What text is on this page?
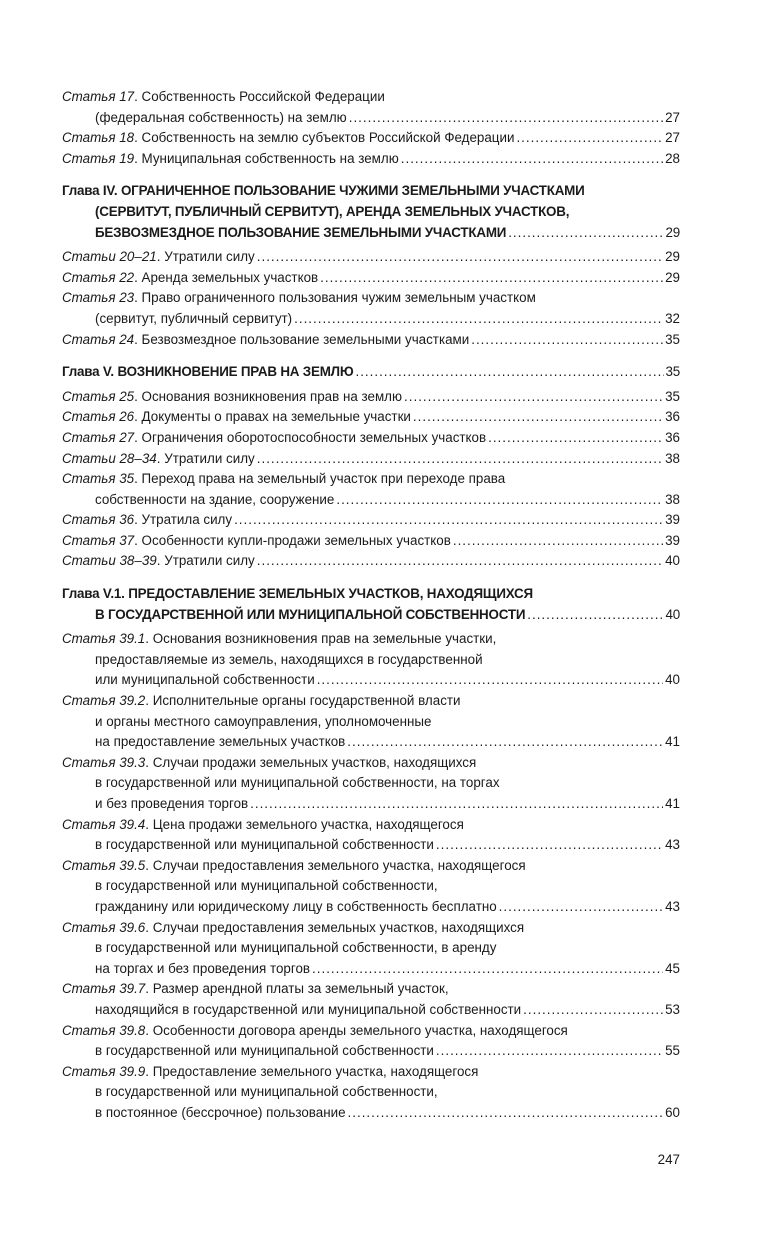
Статья 17. Собственность Российской Федерации
(федеральная собственность) на землю .....	27
Статья 18. Собственность на землю субъектов Российской Федерации .....	27
Статья 19. Муниципальная собственность на землю .....	28
Глава IV. ОГРАНИЧЕННОЕ ПОЛЬЗОВАНИЕ ЧУЖИМИ ЗЕМЕЛЬНЫМИ УЧАСТКАМИ
(СЕРВИТУТ, ПУБЛИЧНЫЙ СЕРВИТУТ), АРЕНДА ЗЕМЕЛЬНЫХ УЧАСТКОВ,
БЕЗВОЗМЕЗДНОЕ ПОЛЬЗОВАНИЕ ЗЕМЕЛЬНЫМИ УЧАСТКАМИ .....	29
Статьи 20–21. Утратили силу .....	29
Статья 22. Аренда земельных участков .....	29
Статья 23. Право ограниченного пользования чужим земельным участком
(сервитут, публичный сервитут) .....	32
Статья 24. Безвозмездное пользование земельными участками .....	35
Глава V. ВОЗНИКНОВЕНИЕ ПРАВ НА ЗЕМЛЮ .....	35
Статья 25. Основания возникновения прав на землю .....	35
Статья 26. Документы о правах на земельные участки .....	36
Статья 27. Ограничения оборотоспособности земельных участков .....	36
Статьи 28–34. Утратили силу .....	38
Статья 35. Переход права на земельный участок при переходе права
собственности на здание, сооружение .....	38
Статья 36. Утратила силу .....	39
Статья 37. Особенности купли-продажи земельных участков .....	39
Статьи 38–39. Утратили силу .....	40
Глава V.1. ПРЕДОСТАВЛЕНИЕ ЗЕМЕЛЬНЫХ УЧАСТКОВ, НАХОДЯЩИХСЯ
В ГОСУДАРСТВЕННОЙ ИЛИ МУНИЦИПАЛЬНОЙ СОБСТВЕННОСТИ .....	40
Статья 39.1. Основания возникновения прав на земельные участки,
предоставляемые из земель, находящихся в государственной
или муниципальной собственности .....	40
Статья 39.2. Исполнительные органы государственной власти
и органы местного самоуправления, уполномоченные
на предоставление земельных участков .....	41
Статья 39.3. Случаи продажи земельных участков, находящихся
в государственной или муниципальной собственности, на торгах
и без проведения торгов .....	41
Статья 39.4. Цена продажи земельного участка, находящегося
в государственной или муниципальной собственности .....	43
Статья 39.5. Случаи предоставления земельного участка, находящегося
в государственной или муниципальной собственности,
гражданину или юридическому лицу в собственность бесплатно .....	43
Статья 39.6. Случаи предоставления земельных участков, находящихся
в государственной или муниципальной собственности, в аренду
на торгах и без проведения торгов .....	45
Статья 39.7. Размер арендной платы за земельный участок,
находящийся в государственной или муниципальной собственности .....	53
Статья 39.8. Особенности договора аренды земельного участка, находящегося
в государственной или муниципальной собственности .....	55
Статья 39.9. Предоставление земельного участка, находящегося
в государственной или муниципальной собственности,
в постоянное (бессрочное) пользование .....	60
247
